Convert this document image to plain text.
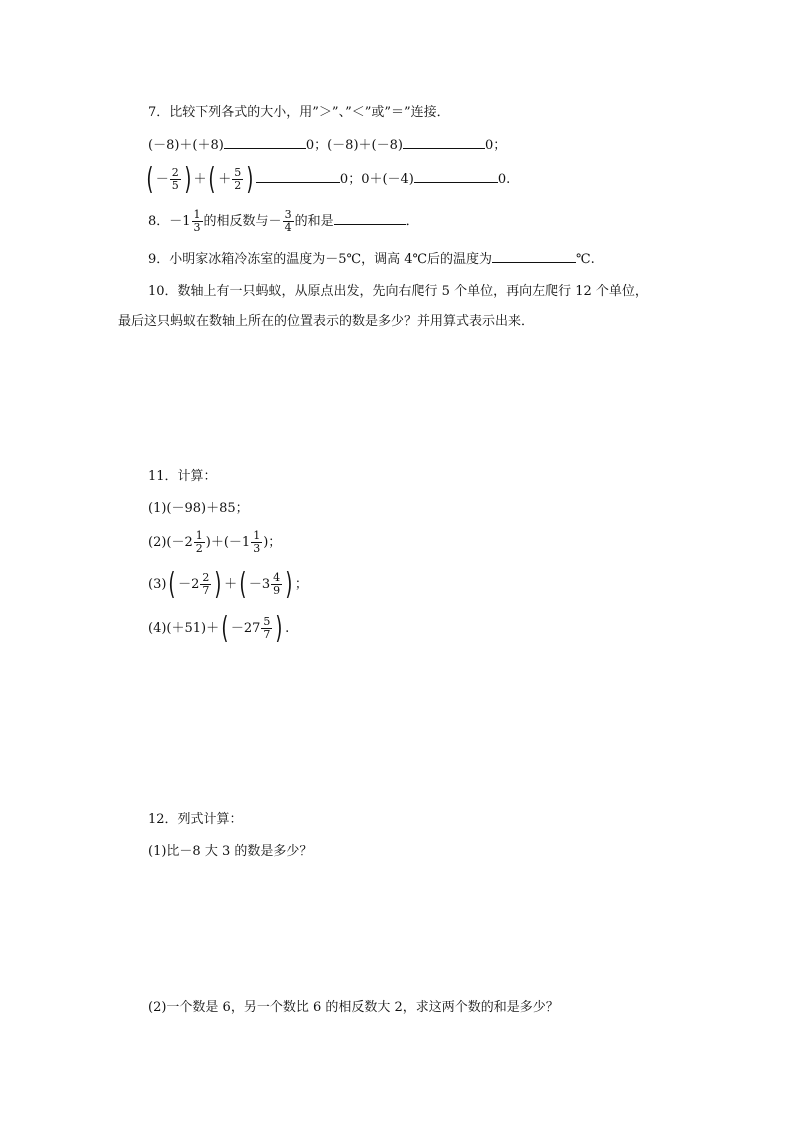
7．比较下列各式的大小，用”＞”、”＜”或”＝”连接．
(－8)＋(＋8)	0；(－8)＋(－8)	0；
( － $\frac{2}{5}$ ) ＋( ＋ $\frac{5}{2}$ )	0；0＋(－4)	0.
8．$-1 \frac{1}{3}$ 的相反数与－ $\frac{3}{4}$ 的和是	．
9．小明家冰箱冷冻室的温度为－5℃，调高 4℃后的温度为	℃.
10．数轴上有一只蚂蚁，从原点出发，先向右爬行 5 个单位，再向左爬行 12 个单位，
最后这只蚂蚁在数轴上所在的位置表示的数是多少？并用算式表示出来．
11．计算：
(1)(－98)＋85；
$(2)(-2 \frac{1}{2} )+(-1 \frac{1}{3}$ )；
$(3)( -2 \frac{2}{7}$ ) ＋( $-3 \frac{4}{9}$ ) ；
$(4)(+51)+( -27 \frac{5}{7}$ ) .
12．列式计算：
(1)比－8 大 3 的数是多少？
(2)一个数是 6，另一个数比 6 的相反数大 2，求这两个数的和是多少？
